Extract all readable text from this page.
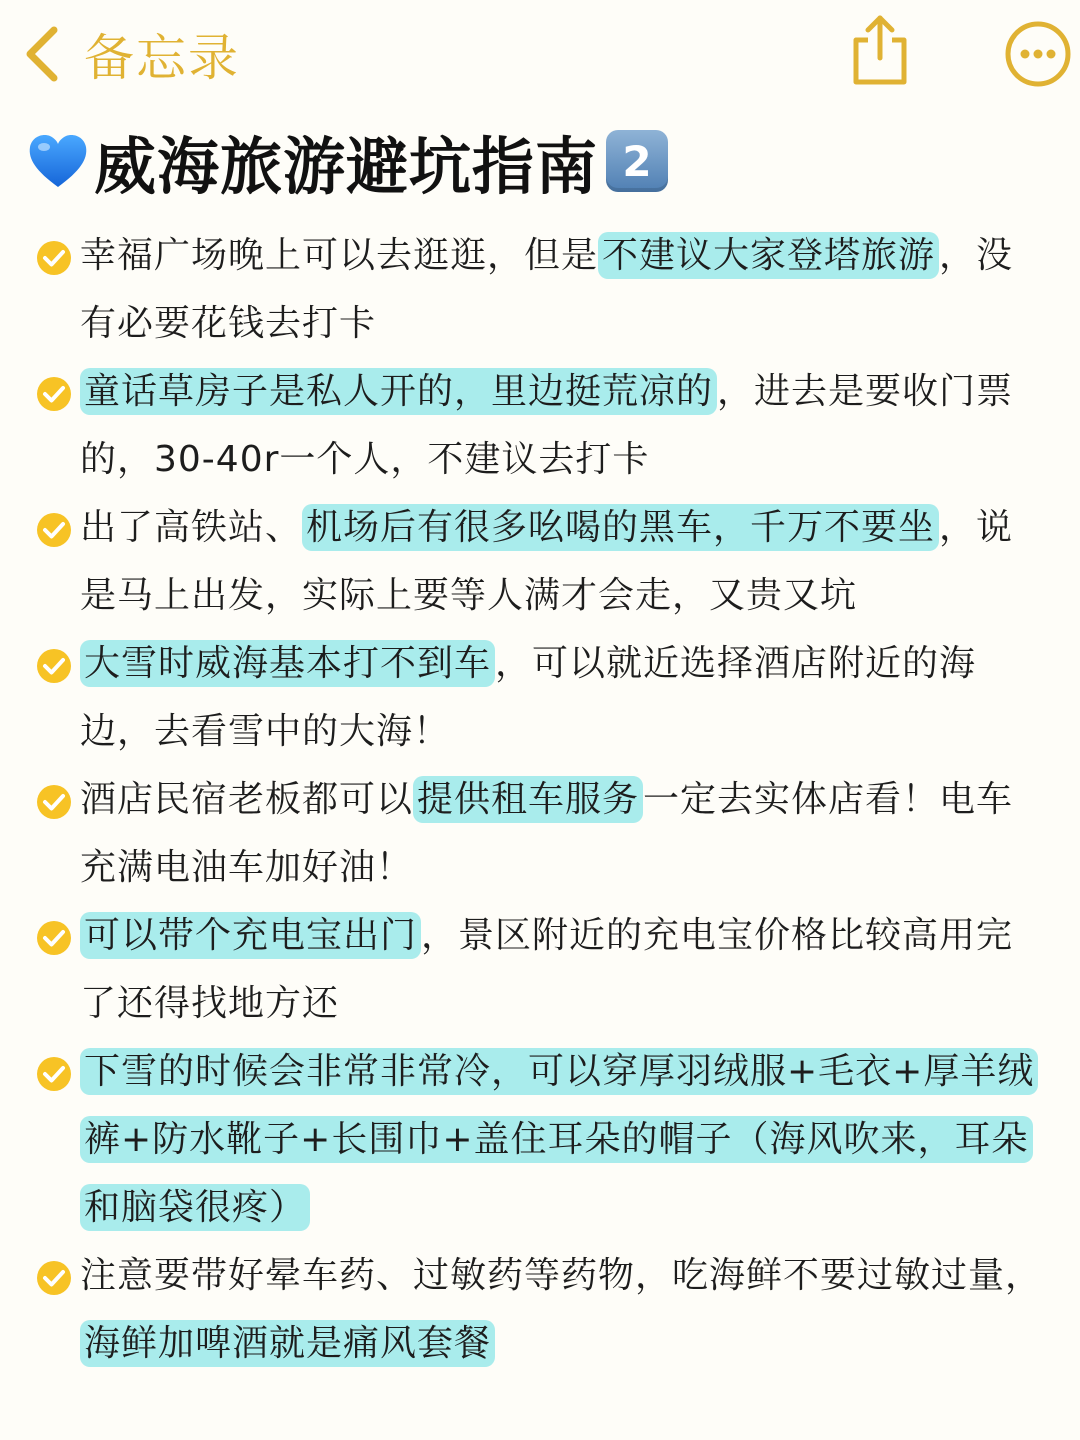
备忘录
威海旅游避坑指南 2
幸福广场晚上可以去逛逛，但是 不建议大家登塔旅游 ，没有必要花钱去打卡
童话草房子是私人开的，里边挺荒凉的 ，进去是要收门票的，30-40r一个人，不建议去打卡
出了高铁站、 机场后有很多吆喝的黑车，千万不要坐 ，说是马上出发，实际上要等人满才会走，又贵又坑
大雪时威海基本打不到车 ，可以就近选择酒店附近的海边，去看雪中的大海！
酒店民宿老板都可以 提供租车服务 一定去实体店看！电车充满电油车加好油！
可以带个充电宝出门 ，景区附近的充电宝价格比较高用完了还得找地方还
下雪的时候会非常非常冷，可以穿厚羽绒服+毛衣+厚羊绒裤+防水靴子+长围巾+盖住耳朵的帽子（海风吹来，耳朵和脑袋很疼）
注意要带好晕车药、过敏药等药物，吃海鲜不要过敏过量，海鲜加啤酒就是痛风套餐
